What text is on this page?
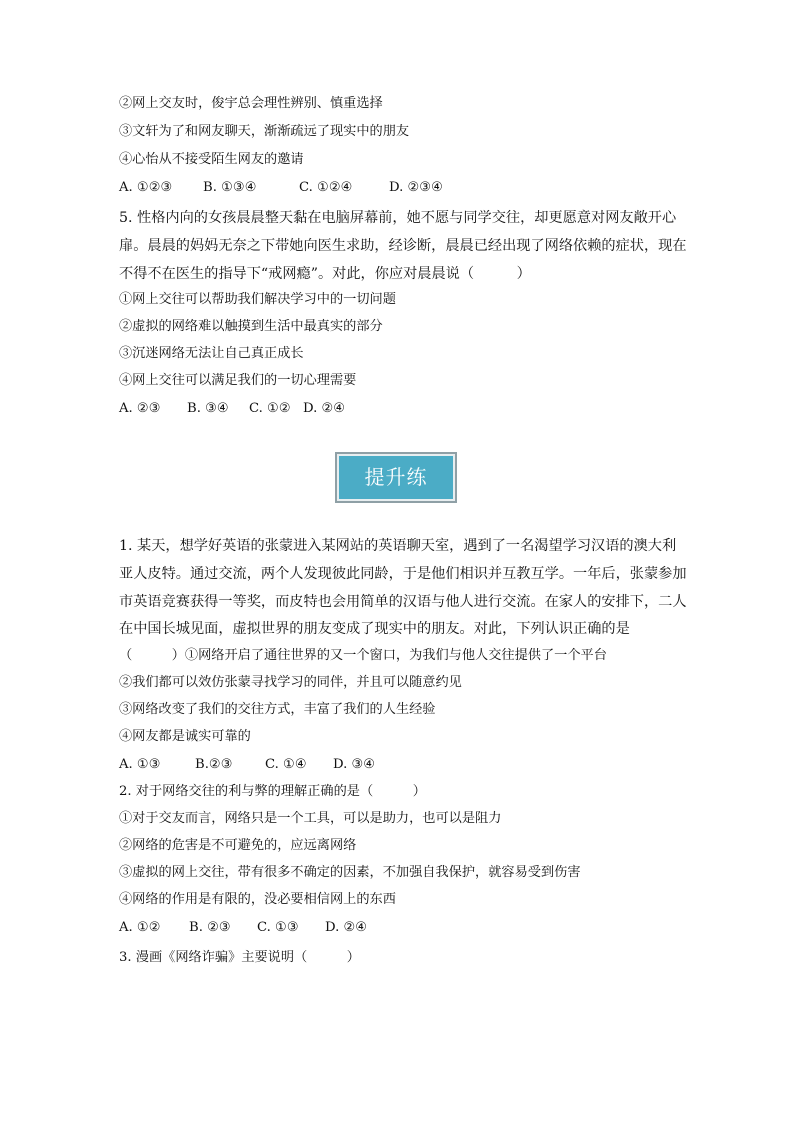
②网上交友时，俊宇总会理性辨别、慎重选择
③文轩为了和网友聊天，渐渐疏远了现实中的朋友
④心怡从不接受陌生网友的邀请
A. ①②③ B. ①③④	C. ①②④	D. ②③④
5. 性格内向的女孩晨晨整天黏在电脑屏幕前，她不愿与同学交往，却更愿意对网友敞开心
扉。晨晨的妈妈无奈之下带她向医生求助，经诊断，晨晨已经出现了网络依赖的症状，现在
不得不在医生的指导下“戒网瘾”。对此，你应对晨晨说（　　　）
①网上交往可以帮助我们解决学习中的一切问题
②虚拟的网络难以触摸到生活中最真实的部分
③沉迷网络无法让自己真正成长
④网上交往可以满足我们的一切心理需要
A. ②③ B. ③④ C. ①② D. ②④
提升练
1. 某天，想学好英语的张蒙进入某网站的英语聊天室，遇到了一名渴望学习汉语的澳大利
亚人皮特。通过交流，两个人发现彼此同龄，于是他们相识并互教互学。一年后，张蒙参加
市英语竞赛获得一等奖，而皮特也会用简单的汉语与他人进行交流。在家人的安排下，二人
在中国长城见面，虚拟世界的朋友变成了现实中的朋友。对此，下列认识正确的是
（　　　）①网络开启了通往世界的又一个窗口，为我们与他人交往提供了一个平台
②我们都可以效仿张蒙寻找学习的同伴，并且可以随意约见
③网络改变了我们的交往方式，丰富了我们的人生经验
④网友都是诚实可靠的
A. ①③	B.②③ C. ①④ D. ③④
2. 对于网络交往的利与弊的理解正确的是（　　　）
①对于交友而言，网络只是一个工具，可以是助力，也可以是阻力
②网络的危害是不可避免的，应远离网络
③虚拟的网上交往，带有很多不确定的因素，不加强自我保护，就容易受到伤害
④网络的作用是有限的，没必要相信网上的东西
A. ①② B. ②③ C. ①③ D. ②④
3. 漫画《网络诈骗》主要说明（　　　）
